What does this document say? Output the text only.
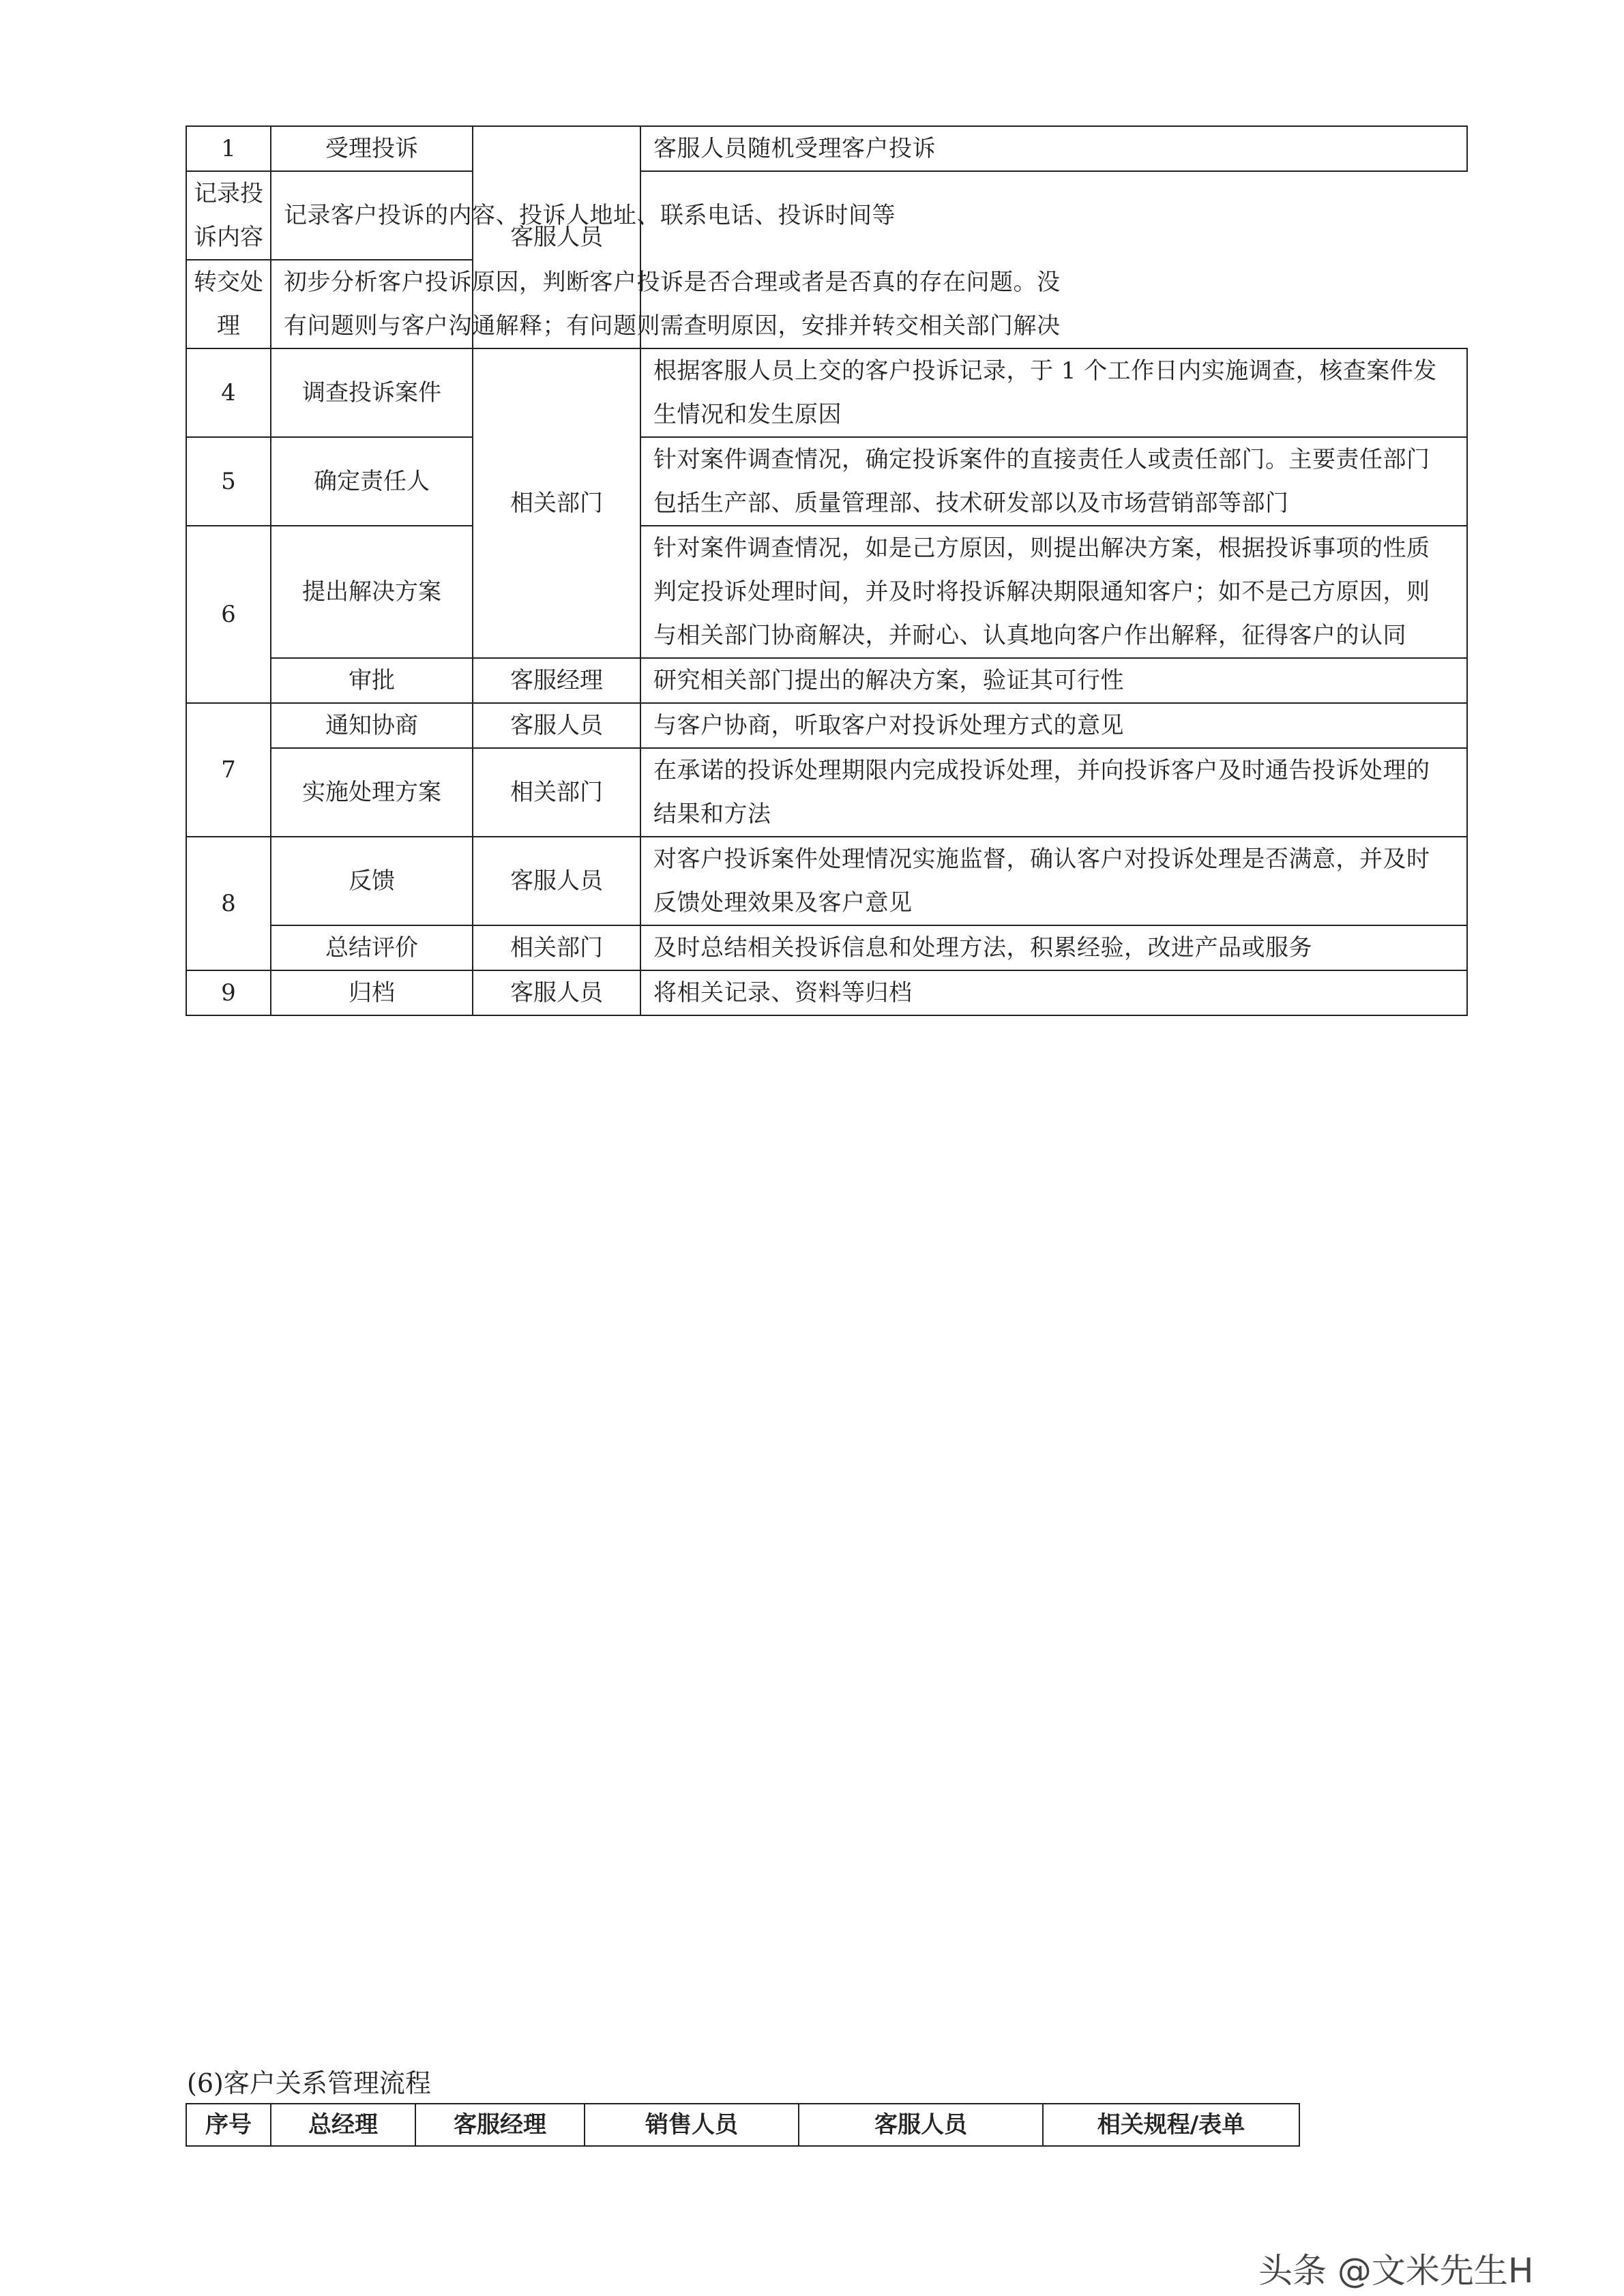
1	受理投诉	客服人员	客服人员随机受理客户投诉

记录投诉内容	记录客户投诉的内容、投诉人地址、联系电话、投诉时间等		

转交处理	初步分析客户投诉原因，判断客户投诉是否合理或者是否真的存在问题。没
有问题则与客户沟通解释；有问题则需查明原因，安排并转交相关部门解决		

4	调查投诉案件	相关部门	根据客服人员上交的客户投诉记录，于 1 个工作日内实施调查，核查案件发
生情况和发生原因

5	确定责任人		针对案件调查情况，确定投诉案件的直接责任人或责任部门。主要责任部门
包括生产部、质量管理部、技术研发部以及市场营销部等部门

6	提出解决方案		针对案件调查情况，如是己方原因，则提出解决方案，根据投诉事项的性质
判定投诉处理时间，并及时将投诉解决期限通知客户；如不是己方原因，则
与相关部门协商解决，并耐心、认真地向客户作出解释，征得客户的认同

	审批	客服经理	研究相关部门提出的解决方案，验证其可行性

7	通知协商	客服人员	与客户协商，听取客户对投诉处理方式的意见

	实施处理方案	相关部门	在承诺的投诉处理期限内完成投诉处理，并向投诉客户及时通告投诉处理的
结果和方法

8	反馈	客服人员	对客户投诉案件处理情况实施监督，确认客户对投诉处理是否满意，并及时
反馈处理效果及客户意见

	总结评价	相关部门	及时总结相关投诉信息和处理方法，积累经验，改进产品或服务

9	归档	客服人员	将相关记录、资料等归档
(6)客户关系管理流程
序号	总经理	客服经理	销售人员	客服人员	相关规程/表单
头条 @文米先生H
